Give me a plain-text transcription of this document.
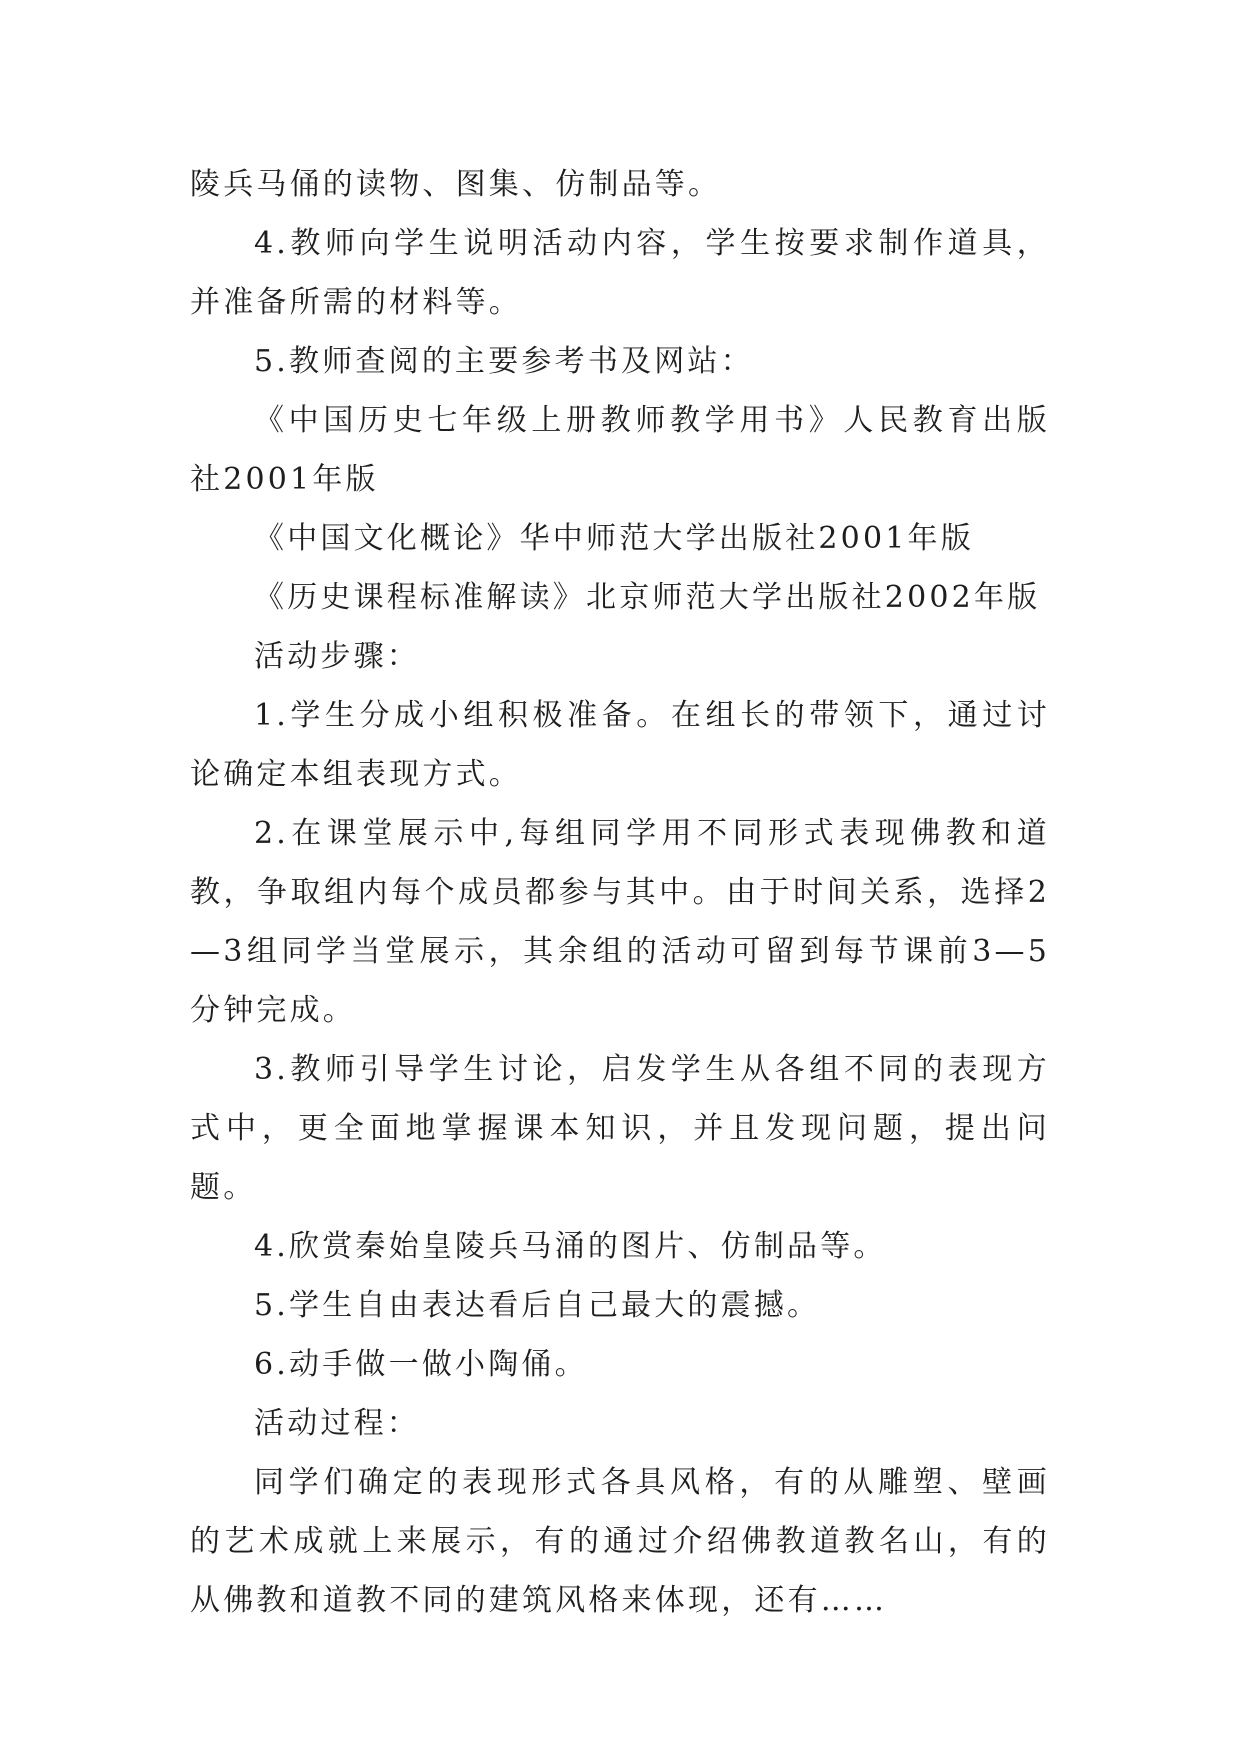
陵兵马俑的读物、图集、仿制品等。

4.教师向学生说明活动内容，学生按要求制作道具，并准备所需的材料等。

5.教师查阅的主要参考书及网站：

《中国历史七年级上册教师教学用书》人民教育出版社2001年版

《中国文化概论》华中师范大学出版社2001年版

《历史课程标准解读》北京师范大学出版社2002年版

活动步骤：

1.学生分成小组积极准备。在组长的带领下，通过讨论确定本组表现方式。

2.在课堂展示中,每组同学用不同形式表现佛教和道教，争取组内每个成员都参与其中。由于时间关系，选择2—3组同学当堂展示，其余组的活动可留到每节课前3—5分钟完成。

3.教师引导学生讨论，启发学生从各组不同的表现方式中，更全面地掌握课本知识，并且发现问题，提出问题。

4.欣赏秦始皇陵兵马涌的图片、仿制品等。

5.学生自由表达看后自己最大的震撼。

6.动手做一做小陶俑。

活动过程：

同学们确定的表现形式各具风格，有的从雕塑、壁画的艺术成就上来展示，有的通过介绍佛教道教名山，有的从佛教和道教不同的建筑风格来体现，还有……
